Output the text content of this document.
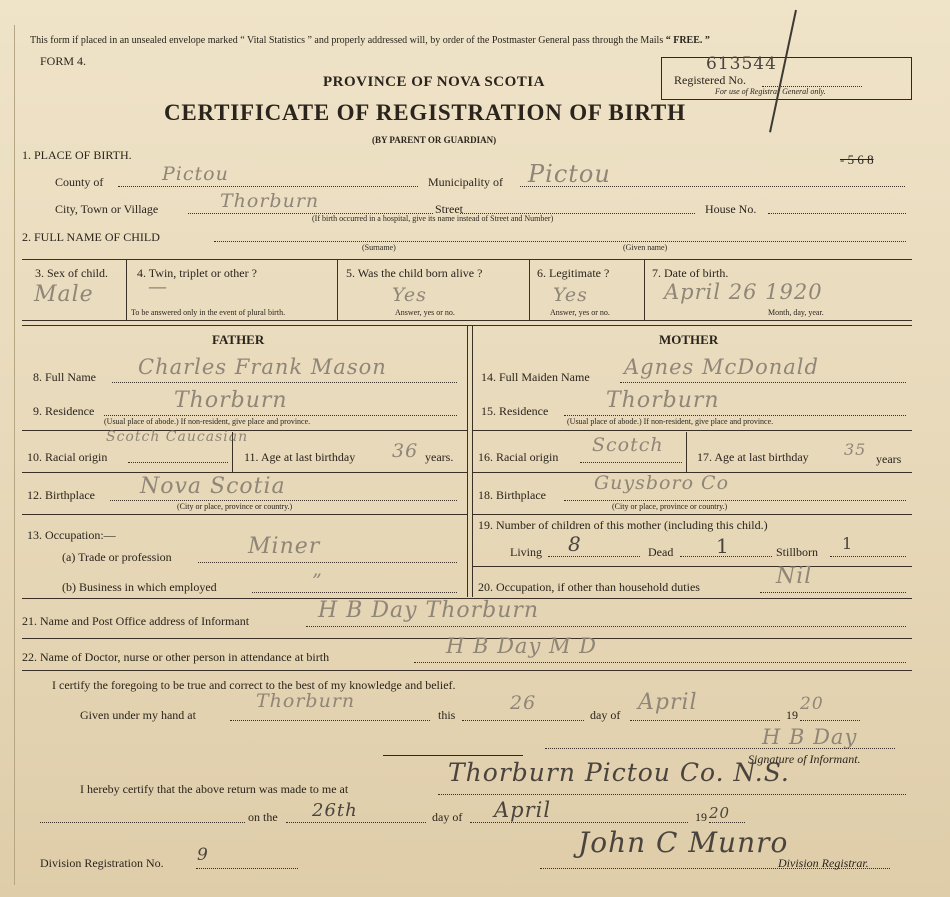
This form if placed in an unsealed envelope marked “ Vital Statistics ” and properly addressed will, by order of the Postmaster General pass through the Mails “ FREE. ”
FORM 4.	613544
Registered No.
For use of Registrar General only.
PROVINCE OF NOVA SCOTIA
CERTIFICATE OF REGISTRATION OF BIRTH
(BY PARENT OR GUARDIAN)
- 5 6 8
1. PLACE OF BIRTH.
County of	Pictou	Municipality of Pictou
City, Town or Village	Thorburn	Street	House No.
(If birth occurred in a hospital, give its name instead of Street and Number)
2. FULL NAME OF CHILD
(Surname)	(Given name)
3. Sex of child.
Male
4. Twin, triplet or other ?
—
To be answered only in the event of plural birth.
5. Was the child born alive ?
Yes
Answer, yes or no.
6. Legitimate ?
Yes
Answer, yes or no.
7. Date of birth.
April 26 1920
Month, day, year.
FATHER	MOTHER
8. Full Name Charles Frank Mason
9. Residence	Thorburn
(Usual place of abode.) If non-resident, give place and province.
Scotch Caucasian
10. Racial origin	11. Age at last birthday 36 years.
12. Birthplace Nova Scotia
(City or place, province or country.)
13. Occupation:—
(a) Trade or profession	Miner
(b) Business in which employed	”
14. Full Maiden Name Agnes McDonald
15. Residence	Thorburn
(Usual place of abode.) If non-resident, give place and province.
16. Racial origin
Scotch
17. Age at last birthday 35 years
18. Birthplace
Guysboro Co
(City or place, province or country.)
19. Number of children of this mother (including this child.)
Living 8	Dead 1	Stillborn 1
20. Occupation, if other than household duties	Nil
21. Name and Post Office address of Informant	H B Day Thorburn
22. Name of Doctor, nurse or other person in attendance at birth	H B Day M D
I certify the foregoing to be true and correct to the best of my knowledge and belief.
Given under my hand at
Thorburn
this
26
day of April	19
20
H B Day
Signature of Informant.
I hereby certify that the above return was made to me at
Thorburn Pictou Co. N.S.
on the 26th	day of April	19 20
Division Registration No. 9	John C Munro
Division Registrar.
